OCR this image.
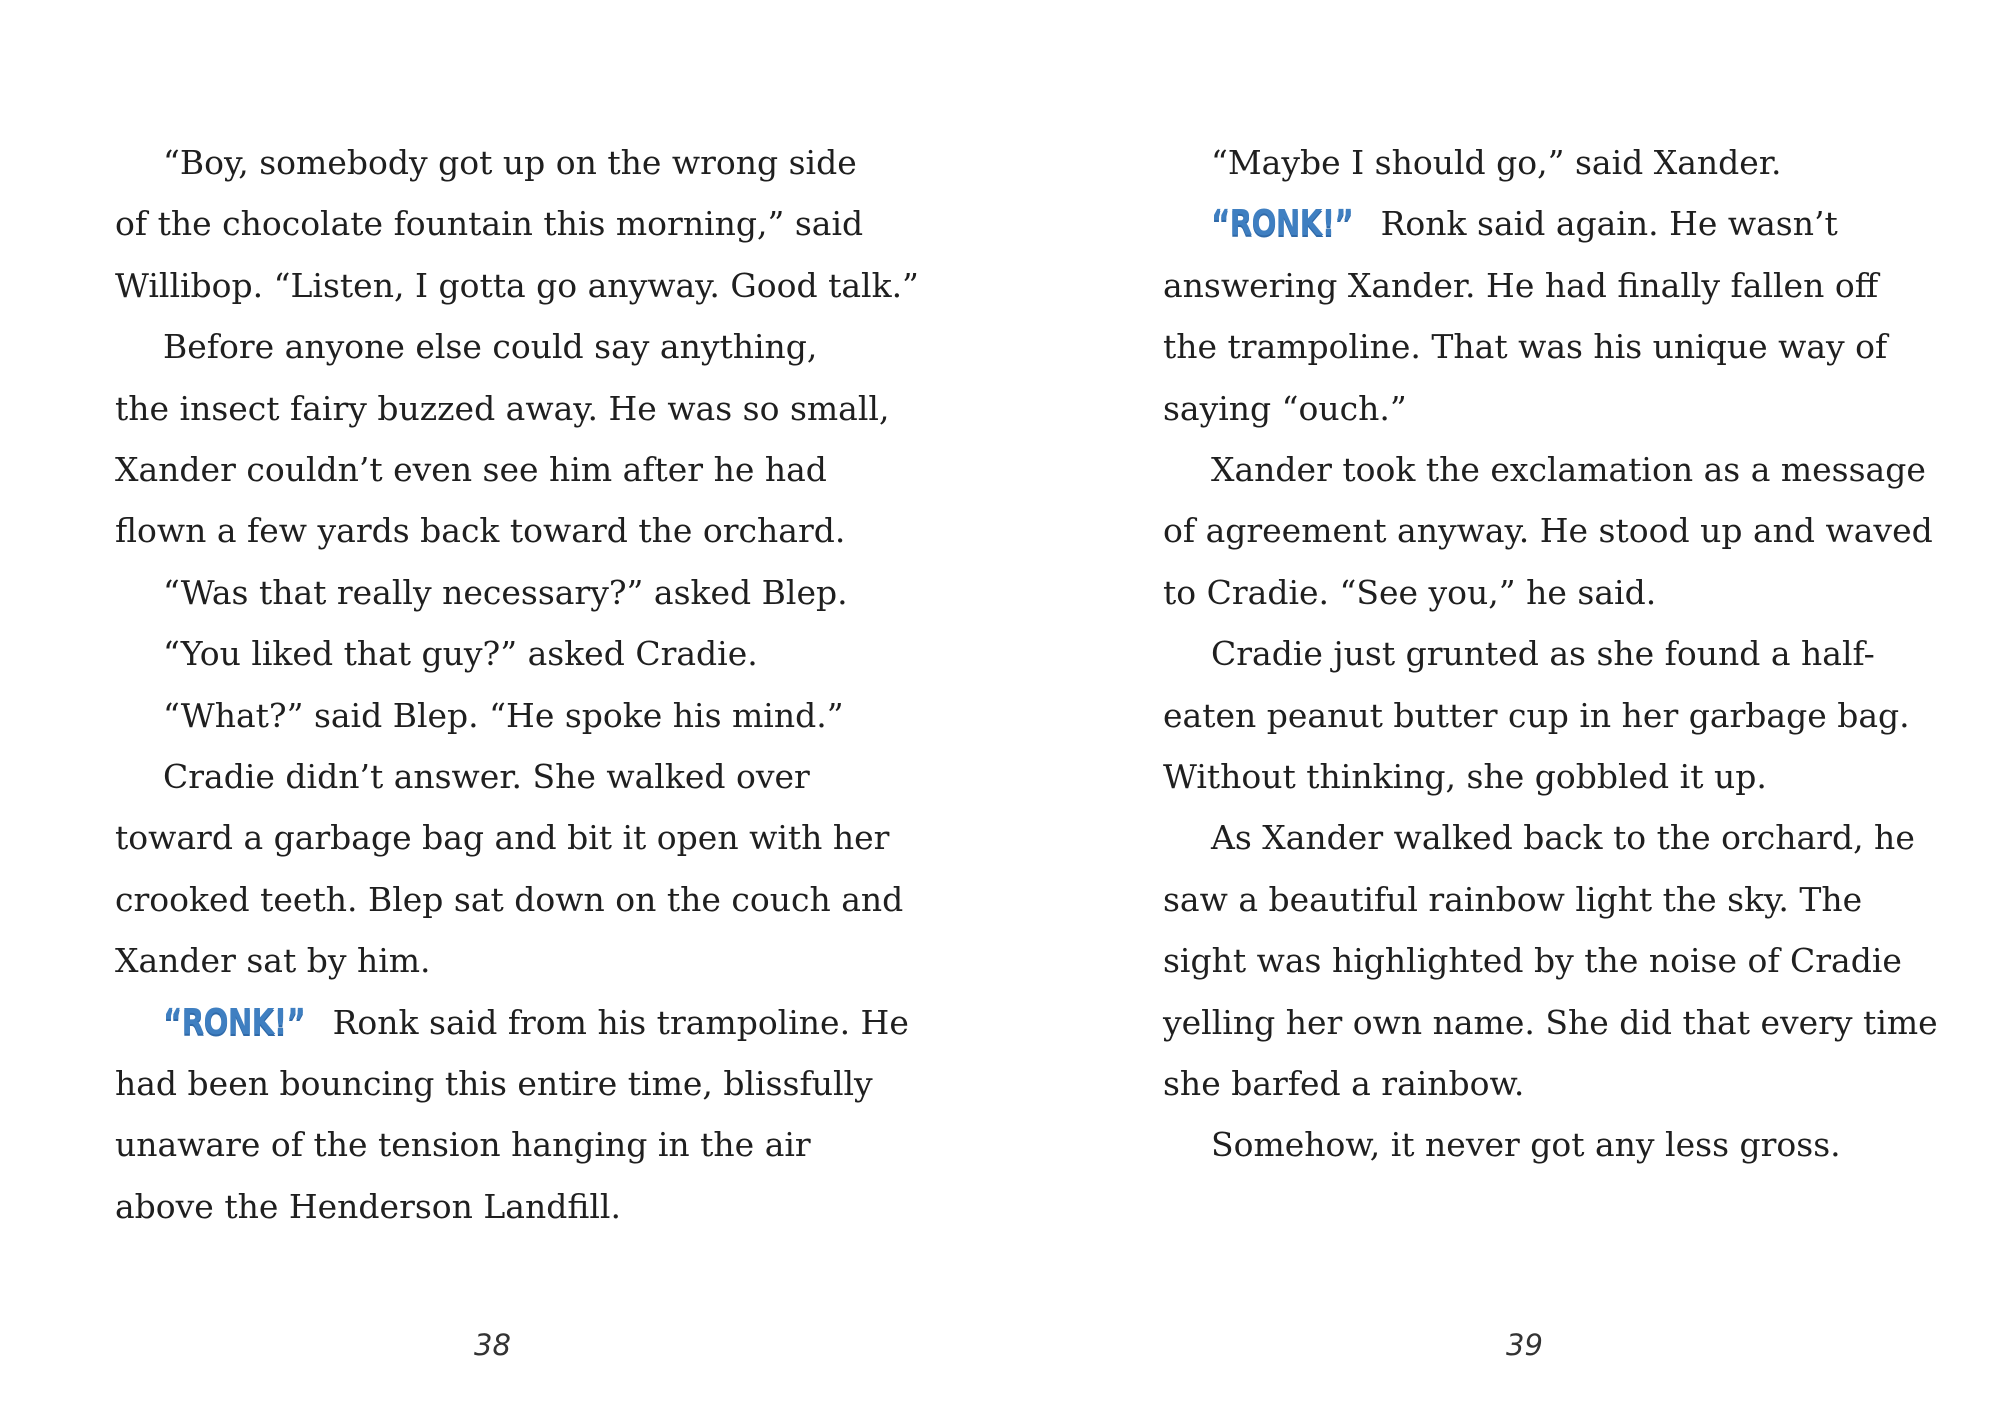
“Boy, somebody got up on the wrong side
of the chocolate fountain this morning,” said
Willibop. “Listen, I gotta go anyway. Good talk.”
Before anyone else could say anything,
the insect fairy buzzed away. He was so small,
Xander couldn’t even see him after he had
flown a few yards back toward the orchard.
“Was that really necessary?” asked Blep.
“You liked that guy?” asked Cradie.
“What?” said Blep. “He spoke his mind.”
Cradie didn’t answer. She walked over
toward a garbage bag and bit it open with her
crooked teeth. Blep sat down on the couch and
Xander sat by him.
“RONK!” Ronk said from his trampoline. He
had been bouncing this entire time, blissfully
unaware of the tension hanging in the air
above the Henderson Landfill.
“Maybe I should go,” said Xander.
“RONK!” Ronk said again. He wasn’t
answering Xander. He had finally fallen off
the trampoline. That was his unique way of
saying “ouch.”
Xander took the exclamation as a message
of agreement anyway. He stood up and waved
to Cradie. “See you,” he said.
Cradie just grunted as she found a half-
eaten peanut butter cup in her garbage bag.
Without thinking, she gobbled it up.
As Xander walked back to the orchard, he
saw a beautiful rainbow light the sky. The
sight was highlighted by the noise of Cradie
yelling her own name. She did that every time
she barfed a rainbow.
Somehow, it never got any less gross.
38	39
